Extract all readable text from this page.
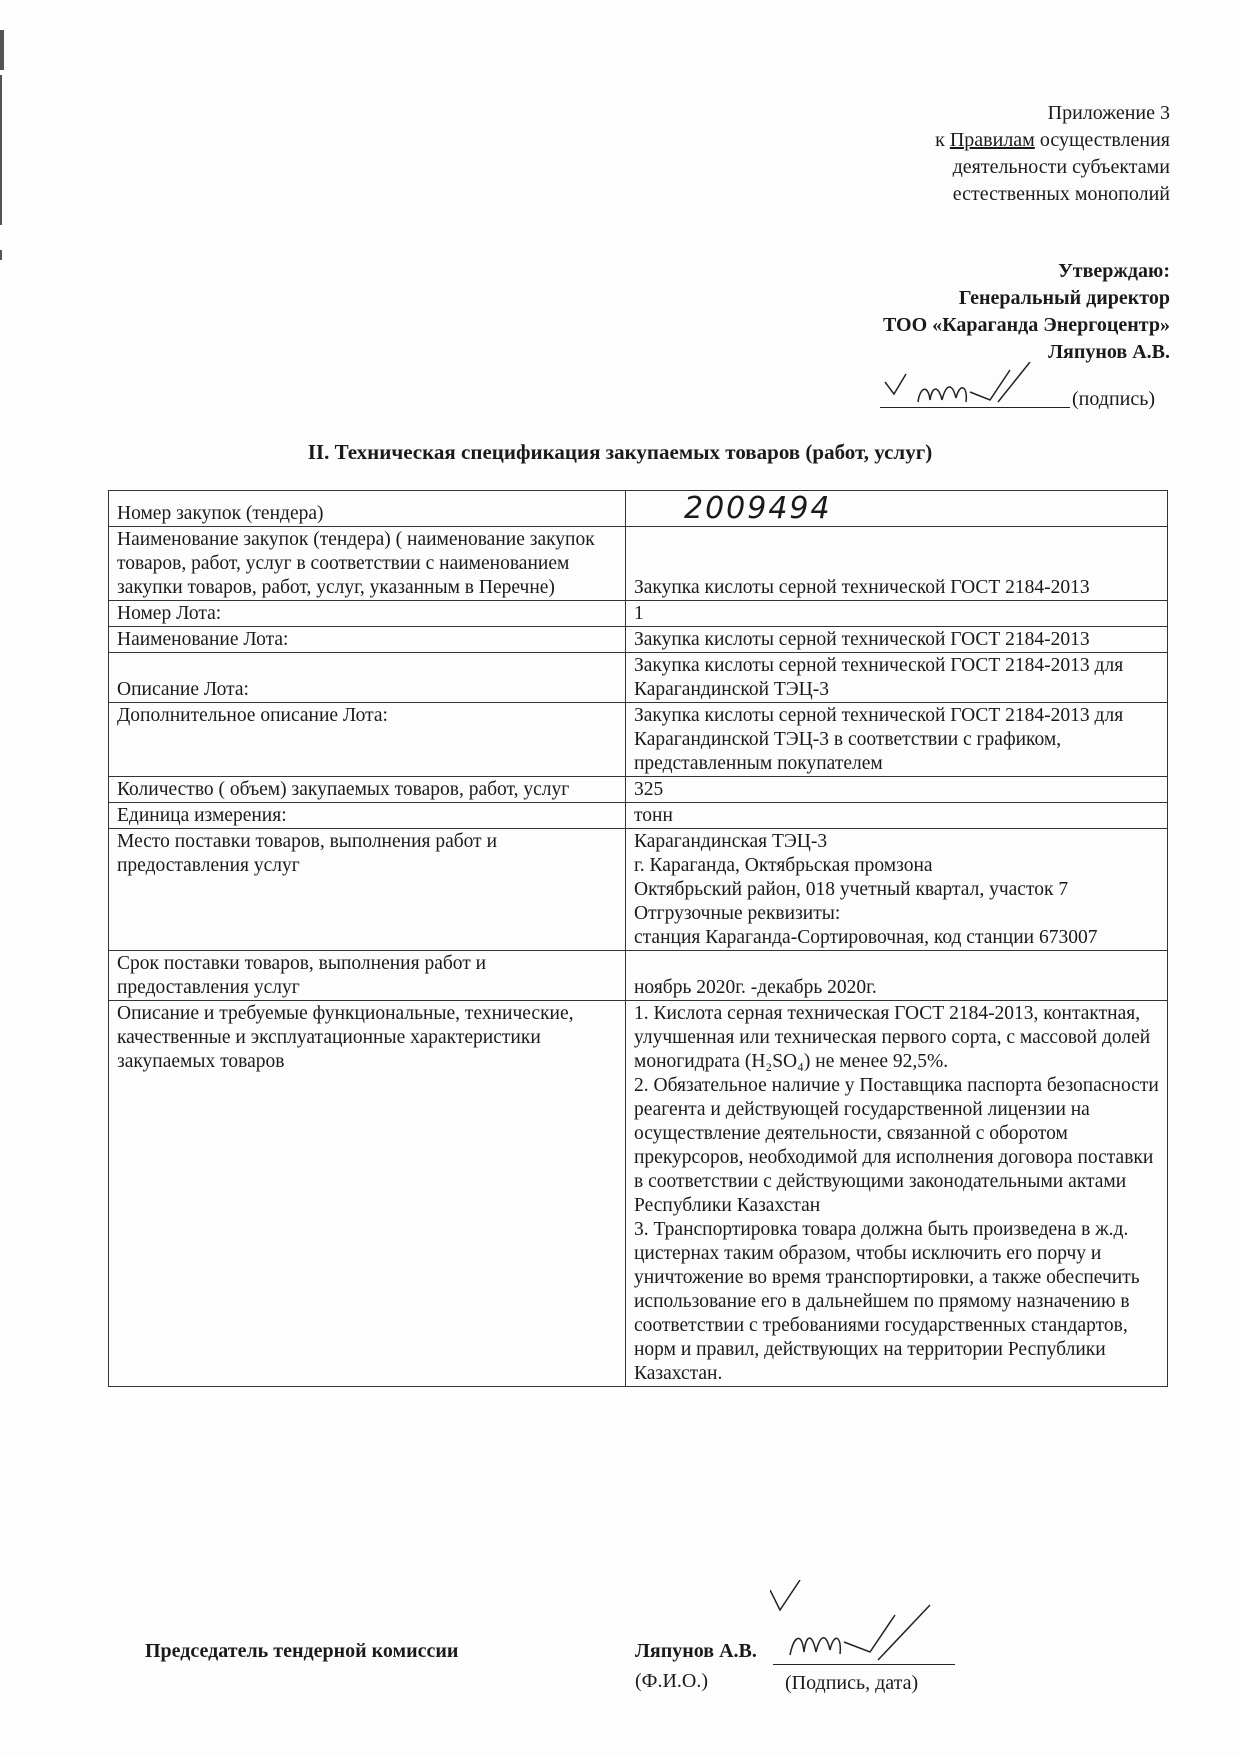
Приложение 3
к Правилам осуществления
деятельности субъектами
естественных монополий
Утверждаю:
Генеральный директор
ТОО «Караганда Энергоцентр»
Ляпунов А.В.
(подпись)
II. Техническая спецификация закупаемых товаров (работ, услуг)
Номер закупок (тендера)	2009494
Наименование закупок (тендера) ( наименование закупок товаров, работ, услуг в соответствии с наименованием закупки товаров, работ, услуг, указанным в Перечне)	Закупка кислоты серной технической ГОСТ 2184-2013
Номер Лота:	1
Наименование Лота:	Закупка кислоты серной технической ГОСТ 2184-2013
Описание Лота:	Закупка кислоты серной технической ГОСТ 2184-2013 для Карагандинской ТЭЦ-3
Дополнительное описание Лота:	Закупка кислоты серной технической ГОСТ 2184-2013 для Карагандинской ТЭЦ-3 в соответствии с графиком, представленным покупателем
Количество ( объем) закупаемых товаров, работ, услуг	325
Единица измерения:	тонн
Место поставки товаров, выполнения работ и предоставления услуг	Карагандинская ТЭЦ-3
г. Караганда, Октябрьская промзона
Октябрьский район, 018 учетный квартал, участок 7
Отгрузочные реквизиты:
станция Караганда-Сортировочная, код станции 673007

Срок поставки товаров, выполнения работ и предоставления услуг	ноябрь 2020г. -декабрь 2020г.
Описание и требуемые функциональные, технические, качественные и эксплуатационные характеристики закупаемых товаров	1. Кислота серная техническая ГОСТ 2184-2013, контактная, улучшенная или техническая первого сорта, с массовой долей моногидрата (H₂SO₄) не менее 92,5%.
2. Обязательное наличие у Поставщика паспорта безопасности реагента и действующей государственной лицензии на осуществление деятельности, связанной с оборотом прекурсоров, необходимой для исполнения договора поставки в соответствии с действующими законодательными актами Республики Казахстан
3. Транспортировка товара должна быть произведена в ж.д. цистернах таким образом, чтобы исключить его порчу и уничтожение во время транспортировки, а также обеспечить использование его в дальнейшем по прямому назначению в соответствии с требованиями государственных стандартов, норм и правил, действующих на территории Республики Казахстан.
Председатель тендерной комиссии	Ляпунов А.В.
(Ф.И.О.)	(Подпись, дата)
